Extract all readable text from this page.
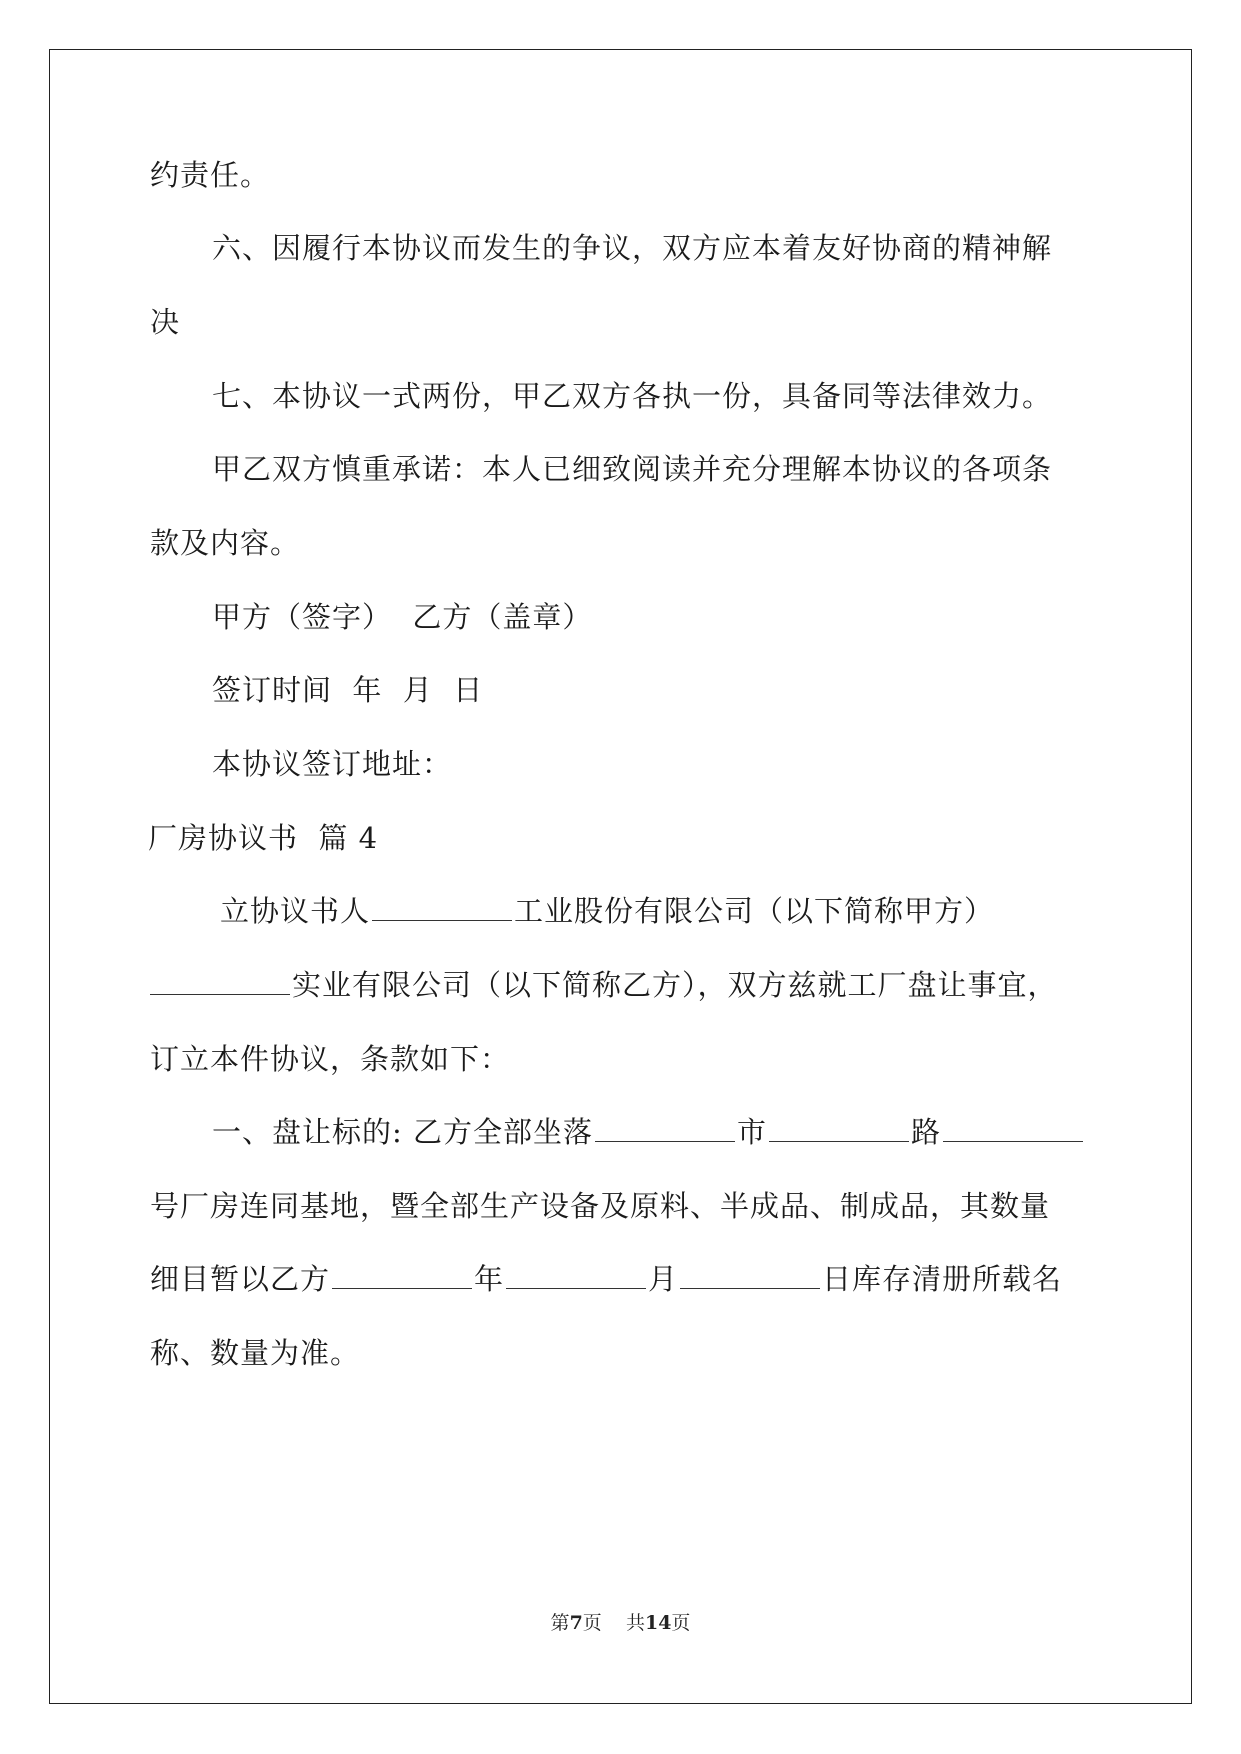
约责任。
六、因履行本协议而发生的争议，双方应本着友好协商的精神解
决
七、本协议一式两份，甲乙双方各执一份，具备同等法律效力。
甲乙双方慎重承诺：本人已细致阅读并充分理解本协议的各项条
款及内容。
甲方（签字）  乙方（盖章）
签订时间  年  月  日
本协议签订地址：
厂房协议书  篇 4
立协议书人	工业股份有限公司（以下简称甲方）
实业有限公司（以下简称乙方），双方兹就工厂盘让事宜，
订立本件协议，条款如下：
一、盘让标的: 乙方全部坐落	市	路
号厂房连同基地，暨全部生产设备及原料、半成品、制成品，其数量
细目暂以乙方	年	月	日库存清册所载名
称、数量为准。
第7页    共14页
